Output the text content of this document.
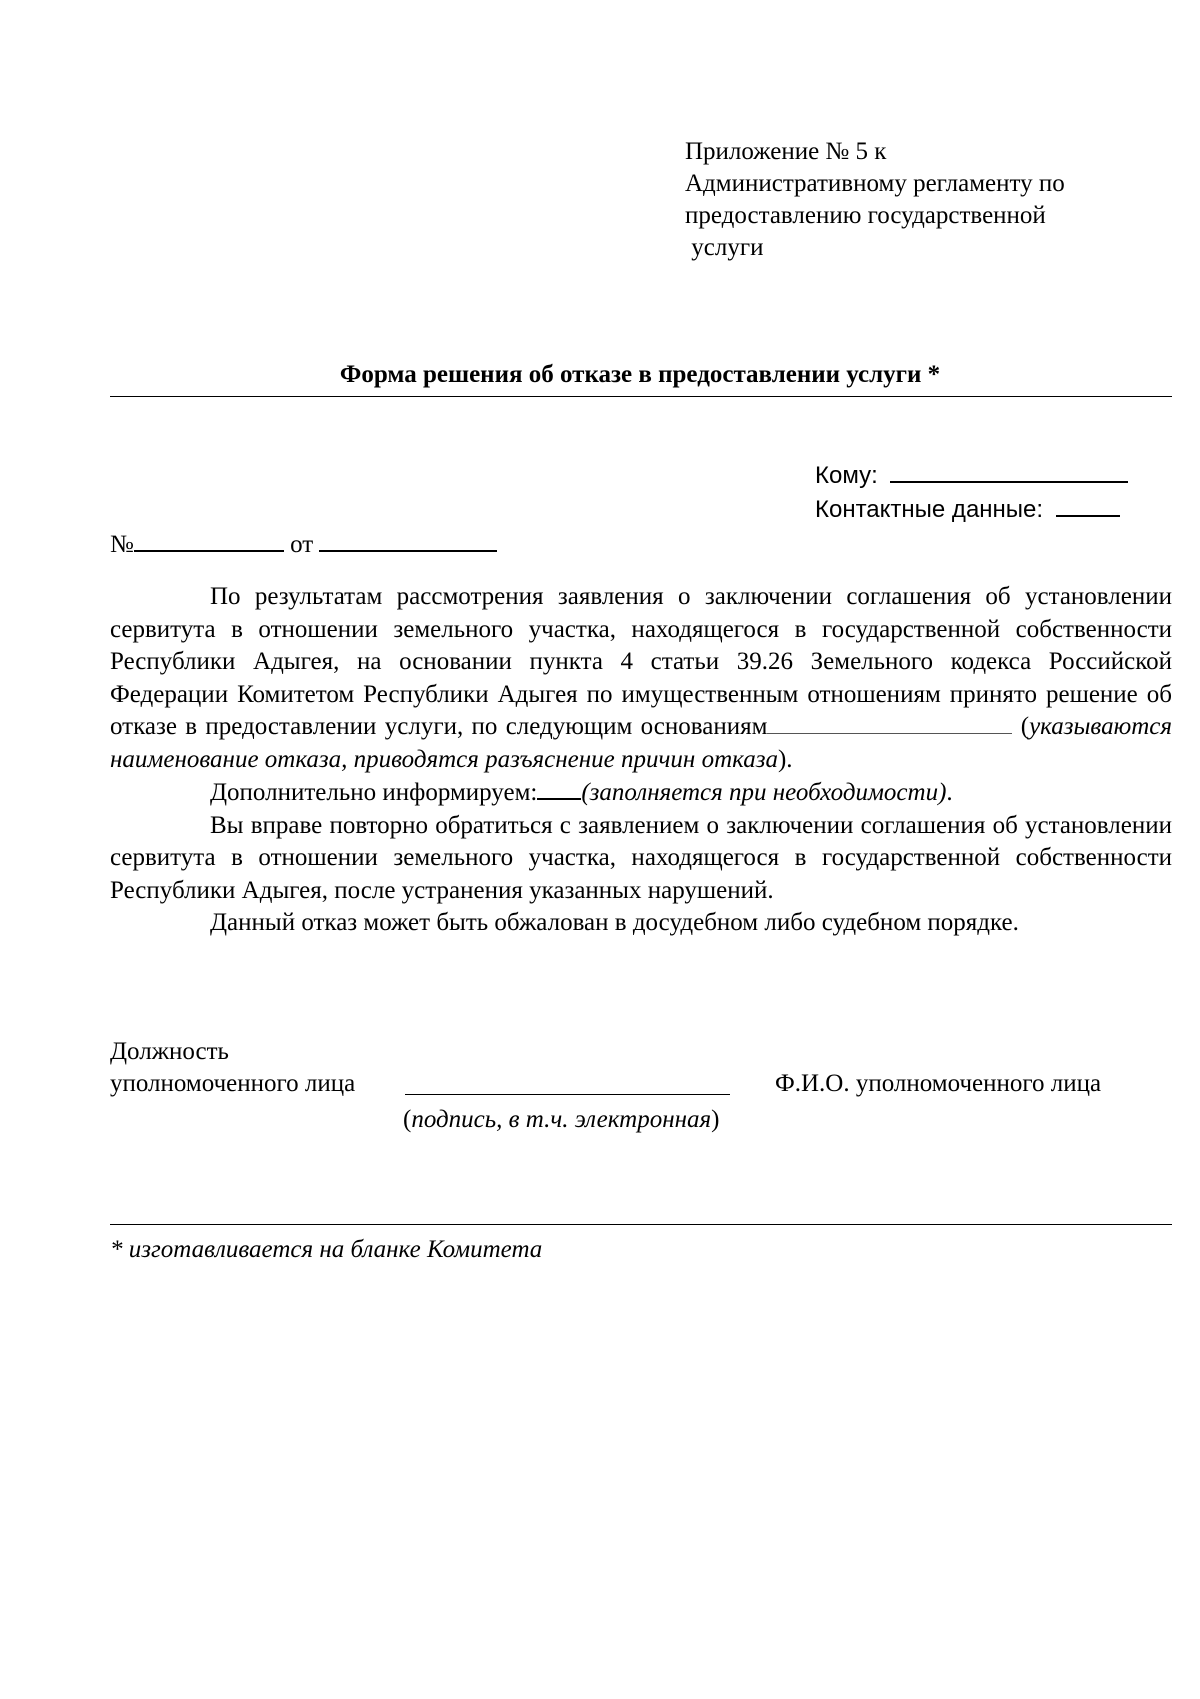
Приложение № 5 к
Административному регламенту по
предоставлению государственной
услуги
Форма решения об отказе в предоставлении услуги *
Кому:
Контактные данные:
№	от

По результатам рассмотрения заявления о заключении соглашения об установлении сервитута в отношении земельного участка, находящегося в государственной собственности Республики Адыгея, на основании пункта 4 статьи 39.26 Земельного кодекса Российской Федерации Комитетом Республики Адыгея по имущественным отношениям принято решение об отказе в предоставлении услуги, по следующим основаниям	(указываются наименование отказа, приводятся разъяснение причин отказа).

Дополнительно информируем: (заполняется при необходимости).

Вы вправе повторно обратиться с заявлением о заключении соглашения об установлении сервитута в отношении земельного участка, находящегося в государственной собственности Республики Адыгея, после устранения указанных нарушений.

Данный отказ может быть обжалован в досудебном либо судебном порядке.

Должность
уполномоченного лица	Ф.И.О. уполномоченного лица
(подпись, в т.ч. электронная)
* изготавливается на бланке Комитета
